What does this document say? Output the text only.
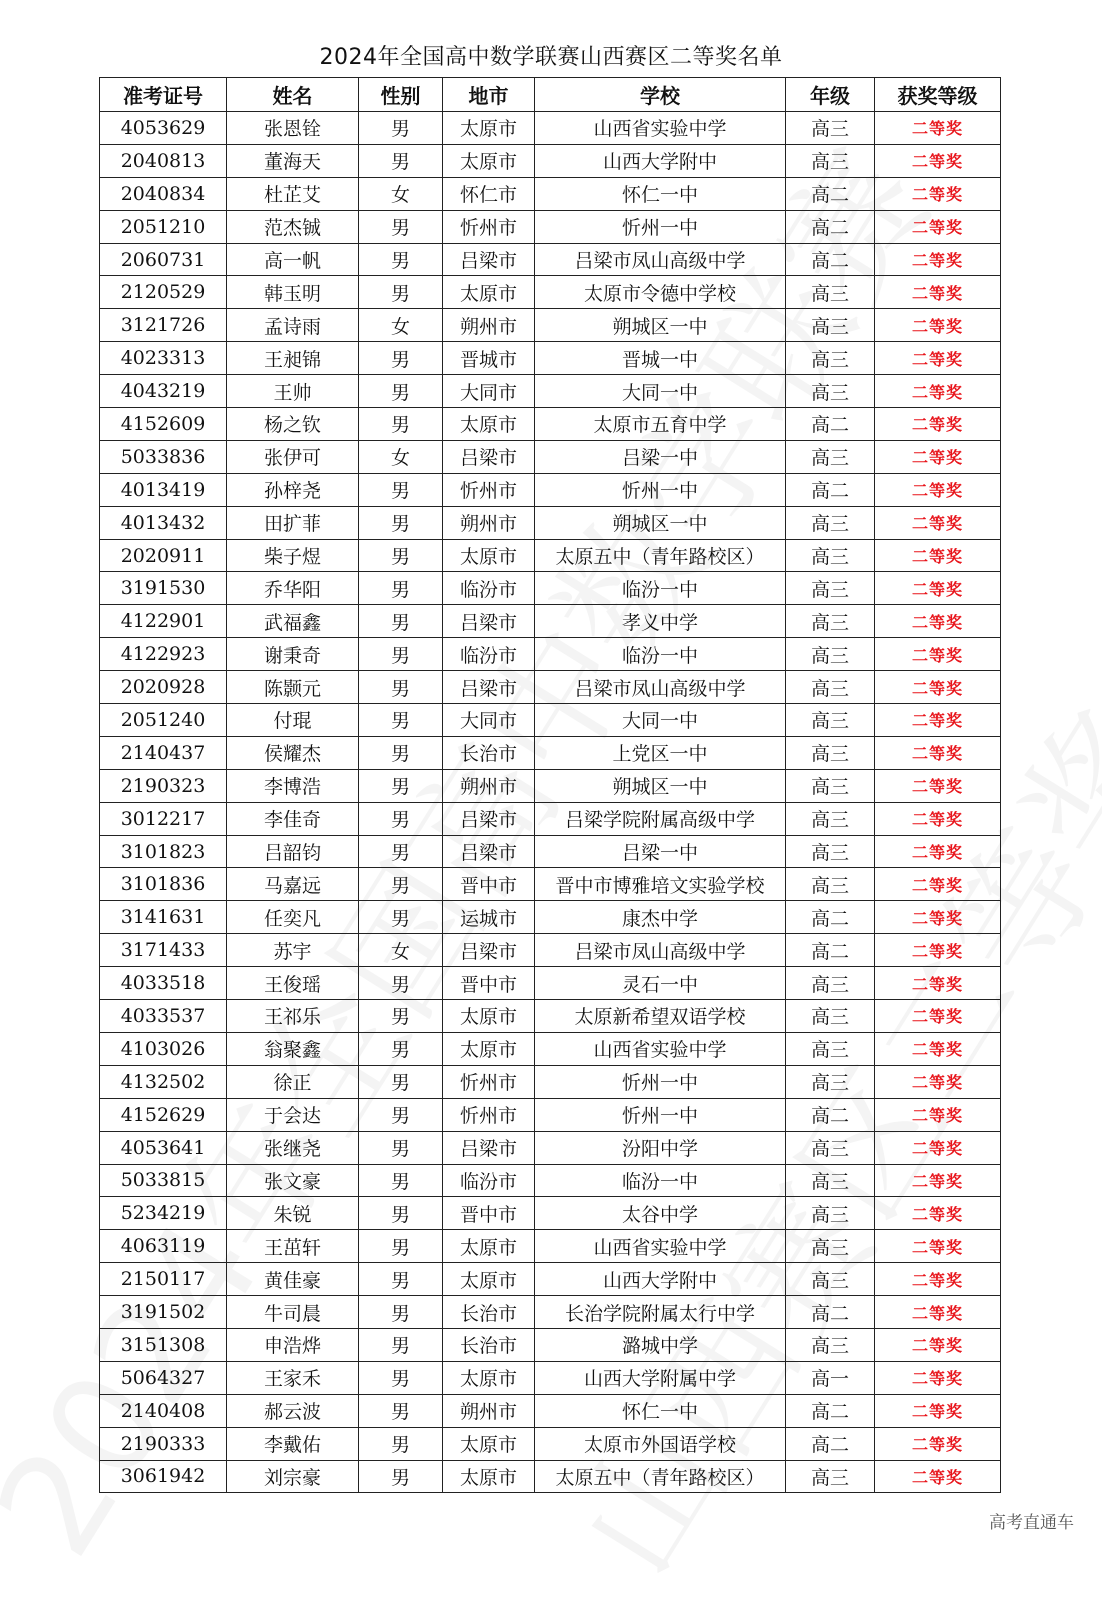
2024年全国高中数学联赛山西赛区二等奖名单
准考证号	姓名	性别	地市	学校	年级	获奖等级
4053629	张恩铨	男	太原市	山西省实验中学	高三	二等奖
2040813	董海天	男	太原市	山西大学附中	高三	二等奖
2040834	杜芷艾	女	怀仁市	怀仁一中	高二	二等奖
2051210	范杰铖	男	忻州市	忻州一中	高二	二等奖
2060731	高一帆	男	吕梁市	吕梁市凤山高级中学	高二	二等奖
2120529	韩玉明	男	太原市	太原市令德中学校	高三	二等奖
3121726	孟诗雨	女	朔州市	朔城区一中	高三	二等奖
4023313	王昶锦	男	晋城市	晋城一中	高三	二等奖
4043219	王帅	男	大同市	大同一中	高三	二等奖
4152609	杨之钦	男	太原市	太原市五育中学	高二	二等奖
5033836	张伊可	女	吕梁市	吕梁一中	高三	二等奖
4013419	孙梓尧	男	忻州市	忻州一中	高二	二等奖
4013432	田扩菲	男	朔州市	朔城区一中	高三	二等奖
2020911	柴子煜	男	太原市	太原五中（青年路校区）	高三	二等奖
3191530	乔华阳	男	临汾市	临汾一中	高三	二等奖
4122901	武福鑫	男	吕梁市	孝义中学	高三	二等奖
4122923	谢秉奇	男	临汾市	临汾一中	高三	二等奖
2020928	陈颢元	男	吕梁市	吕梁市凤山高级中学	高三	二等奖
2051240	付琨	男	大同市	大同一中	高三	二等奖
2140437	侯耀杰	男	长治市	上党区一中	高三	二等奖
2190323	李博浩	男	朔州市	朔城区一中	高三	二等奖
3012217	李佳奇	男	吕梁市	吕梁学院附属高级中学	高三	二等奖
3101823	吕韶钧	男	吕梁市	吕梁一中	高三	二等奖
3101836	马嘉远	男	晋中市	晋中市博雅培文实验学校	高三	二等奖
3141631	任奕凡	男	运城市	康杰中学	高二	二等奖
3171433	苏宇	女	吕梁市	吕梁市凤山高级中学	高二	二等奖
4033518	王俊瑶	男	晋中市	灵石一中	高三	二等奖
4033537	王祁乐	男	太原市	太原新希望双语学校	高三	二等奖
4103026	翁聚鑫	男	太原市	山西省实验中学	高三	二等奖
4132502	徐正	男	忻州市	忻州一中	高三	二等奖
4152629	于会达	男	忻州市	忻州一中	高二	二等奖
4053641	张继尧	男	吕梁市	汾阳中学	高三	二等奖
5033815	张文豪	男	临汾市	临汾一中	高三	二等奖
5234219	朱锐	男	晋中市	太谷中学	高三	二等奖
4063119	王茁轩	男	太原市	山西省实验中学	高三	二等奖
2150117	黄佳豪	男	太原市	山西大学附中	高三	二等奖
3191502	牛司晨	男	长治市	长治学院附属太行中学	高二	二等奖
3151308	申浩烨	男	长治市	潞城中学	高三	二等奖
5064327	王家禾	男	太原市	山西大学附属中学	高一	二等奖
2140408	郝云波	男	朔州市	怀仁一中	高二	二等奖
2190333	李戴佑	男	太原市	太原市外国语学校	高二	二等奖
3061942	刘宗豪	男	太原市	太原五中（青年路校区）	高三	二等奖
高考直通车
